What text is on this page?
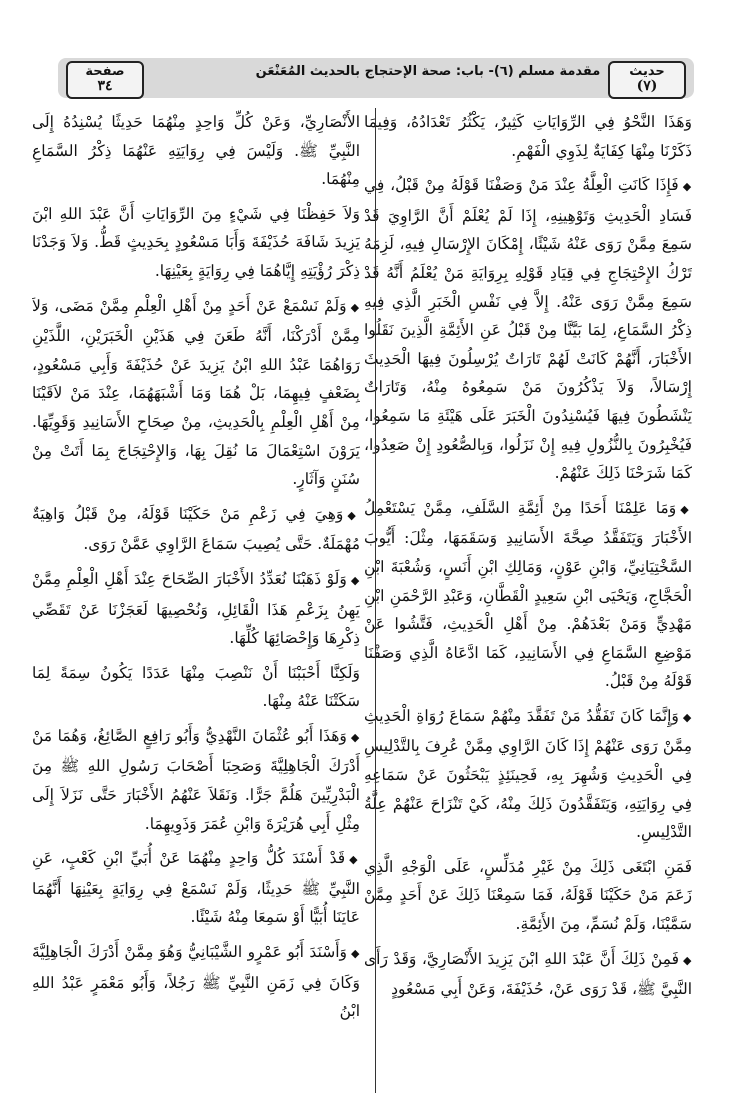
حديث
(٧)
مقدمة مسلم (٦)- باب: صحة الإحتجاج بالحديث المُعَنْعَن
صفحة
٣٤

وَهَذَا النَّحْوُ فِي الرِّوَايَاتِ كَثِيرٌ، يَكْثُرُ تَعْدَادُهُ، وَفِيمَا ذَكَرْنَا مِنْهَا كِفَايَةٌ لِذَوِي الْفَهْمِ.

◆فَإِذَا كَانَتِ الْعِلَّةُ عِنْدَ مَنْ وَصَفْنَا قَوْلَهُ مِنْ قَبْلُ، فِي فَسَادِ الْحَدِيثِ وَتَوْهِينِهِ، إِذَا لَمْ يُعْلَمْ أَنَّ الرَّاوِيَ قَدْ سَمِعَ مِمَّنْ رَوَى عَنْهُ شَيْئًا، إِمْكَانَ الإِرْسَالِ فِيهِ، لَزِمَهُ تَرْكُ الإِحْتِجَاجِ فِي قِيَادِ قَوْلِهِ بِرِوَايَةِ مَنْ يُعْلَمُ أَنَّهُ قَدْ سَمِعَ مِمَّنْ رَوَى عَنْهُ. إِلاَّ فِي نَفْسِ الْخَبَرِ الَّذِي فِيهِ ذِكْرُ السَّمَاعِ، لِمَا بَيَّنَّا مِنْ قَبْلُ عَنِ الأَئِمَّةِ الَّذِينَ نَقَلُوا الأَخْبَارَ، أَنَّهُمْ كَانَتْ لَهُمْ تَارَاتٌ يُرْسِلُونَ فِيهَا الْحَدِيثَ إِرْسَالاً، وَلاَ يَذْكُرُونَ مَنْ سَمِعُوهُ مِنْهُ، وَتَارَاتٌ يَنْشَطُونَ فِيهَا فَيُسْنِدُونَ الْخَبَرَ عَلَى هَيْئَةِ مَا سَمِعُوا، فَيُخْبِرُونَ بِالنُّزُولِ فِيهِ إِنْ نَزَلُوا، وَبِالصُّعُودِ إِنْ صَعِدُوا، كَمَا شَرَحْنَا ذَلِكَ عَنْهُمْ.

◆وَمَا عَلِمْنَا أَحَدًا مِنْ أَئِمَّةِ السَّلَفِ، مِمَّنْ يَسْتَعْمِلُ الأَخْبَارَ وَيَتَفَقَّدُ صِحَّةَ الأَسَانِيدِ وَسَقَمَهَا، مِثْلَ: أَيُّوبَ السَّخْتِيَانِيِّ، وَابْنِ عَوْنٍ، وَمَالِكِ ابْنِ أَنَسٍ، وَشُعْبَةَ ابْنِ الْحَجَّاجِ، وَيَحْيَى ابْنِ سَعِيدٍ الْقَطَّانِ، وَعَبْدِ الرَّحْمَنِ ابْنِ مَهْدِيٍّ وَمَنْ بَعْدَهُمْ. مِنْ أَهْلِ الْحَدِيثِ، فَتَّشُوا عَنْ مَوْضِعِ السَّمَاعِ فِي الأَسَانِيدِ، كَمَا ادَّعَاهُ الَّذِي وَصَفْنَا قَوْلَهُ مِنْ قَبْلُ.

◆وَإِنَّمَا كَانَ تَفَقُّدُ مَنْ تَفَقَّدَ مِنْهُمْ سَمَاعَ رُوَاةِ الْحَدِيثِ مِمَّنْ رَوَى عَنْهُمْ إِذَا كَانَ الرَّاوِي مِمَّنْ عُرِفَ بِالتَّدْلِيسِ فِي الْحَدِيثِ وَشُهِرَ بِهِ، فَحِينَئِذٍ يَبْحَثُونَ عَنْ سَمَاعِهِ فِي رِوَايَتِهِ، وَيَتَفَقَّدُونَ ذَلِكَ مِنْهُ، كَيْ تَنْزَاحَ عَنْهُمْ عِلَّةُ التَّدْلِيسِ.

فَمَنِ ابْتَغَى ذَلِكَ مِنْ غَيْرِ مُدَلِّسٍ، عَلَى الْوَجْهِ الَّذِي زَعَمَ مَنْ حَكَيْنَا قَوْلَهُ، فَمَا سَمِعْنَا ذَلِكَ عَنْ أَحَدٍ مِمَّنْ سَمَّيْنَا، وَلَمْ نُسَمِّ، مِنَ الأَئِمَّةِ.

◆فَمِنْ ذَلِكَ أَنَّ عَبْدَ اللهِ ابْنَ يَزِيدَ الأَنْصَارِيَّ، وَقَدْ رَأَى النَّبِيَّ ﷺ، قَدْ رَوَى عَنْ، حُذَيْفَةَ، وَعَنْ أَبِي مَسْعُودٍ

الأَنْصَارِيِّ، وَعَنْ كُلِّ وَاحِدٍ مِنْهُمَا حَدِيثًا يُسْنِدُهُ إِلَى النَّبِيِّ ﷺ. وَلَيْسَ فِي رِوَايَتِهِ عَنْهُمَا ذِكْرُ السَّمَاعِ مِنْهُمَا.

وَلاَ حَفِظْنَا فِي شَيْءٍ مِنَ الرِّوَايَاتِ أَنَّ عَبْدَ اللهِ ابْنَ يَزِيدَ شَافَهَ حُذَيْفَةَ وَأَبَا مَسْعُودٍ بِحَدِيثٍ قَطُّ. وَلاَ وَجَدْنَا ذِكْرَ رُؤْيَتِهِ إِيَّاهُمَا فِي رِوَايَةٍ بِعَيْنِهَا.

◆وَلَمْ نَسْمَعْ عَنْ أَحَدٍ مِنْ أَهْلِ الْعِلْمِ مِمَّنْ مَضَى، وَلاَ مِمَّنْ أَدْرَكْنَا، أَنَّهُ طَعَنَ فِي هَذَيْنِ الْخَبَرَيْنِ، اللَّذَيْنِ رَوَاهُمَا عَبْدُ اللهِ ابْنُ يَزِيدَ عَنْ حُذَيْفَةَ وَأَبِي مَسْعُودٍ، بِضَعْفٍ فِيهِمَا، بَلْ هُمَا وَمَا أَشْبَهَهُمَا، عِنْدَ مَنْ لاَقَيْنَا مِنْ أَهْلِ الْعِلْمِ بِالْحَدِيثِ، مِنْ صِحَاحِ الأَسَانِيدِ وَقَوِيِّهَا. يَرَوْنَ اسْتِعْمَالَ مَا نُقِلَ بِهَا، وَالإِحْتِجَاجَ بِمَا أَتَتْ مِنْ سُنَنٍ وَآثَارٍ.

◆وَهِيَ فِي زَعْمِ مَنْ حَكَيْنَا قَوْلَهُ، مِنْ قَبْلُ وَاهِيَةٌ مُهْمَلَةٌ. حَتَّى يُصِيبَ سَمَاعَ الرَّاوِي عَمَّنْ رَوَى.

◆وَلَوْ ذَهَبْنَا نُعَدِّدُ الأَخْبَارَ الصِّحَاحَ عِنْدَ أَهْلِ الْعِلْمِ مِمَّنْ يَهِنُ بِزَعْمِ هَذَا الْقَائِلِ، وَنُحْصِيهَا لَعَجَزْنَا عَنْ تَقَصِّي ذِكْرِهَا وَإِحْصَائِهَا كُلِّهَا.

وَلَكِنَّا أَحْبَبْنَا أَنْ نَنْصِبَ مِنْهَا عَدَدًا يَكُونُ سِمَةً لِمَا سَكَتْنَا عَنْهُ مِنْهَا.

◆وَهَذَا أَبُو عُثْمَانَ النَّهْدِيُّ وَأَبُو رَافِعٍ الصَّائِغُ، وَهُمَا مَنْ أَدْرَكَ الْجَاهِلِيَّةَ وَصَحِبَا أَصْحَابَ رَسُولِ اللهِ ﷺ مِنَ الْبَدْرِيِّينَ هَلُمَّ جَرًّا. وَنَقَلاَ عَنْهُمُ الأَخْبَارَ حَتَّى نَزَلاَ إِلَى مِثْلِ أَبِي هُرَيْرَةَ وَابْنِ عُمَرَ وَذَوِيهِمَا.

◆قَدْ أَسْنَدَ كُلُّ وَاحِدٍ مِنْهُمَا عَنْ أُبَيِّ ابْنِ كَعْبٍ، عَنِ النَّبِيِّ ﷺ حَدِيثًا، وَلَمْ نَسْمَعْ فِي رِوَايَةٍ بِعَيْنِهَا أَنَّهُمَا عَايَنَا أُبَيًّا أَوْ سَمِعَا مِنْهُ شَيْئًا.

◆وَأَسْنَدَ أَبُو عَمْرٍو الشَّيْبَانِيُّ وَهُوَ مِمَّنْ أَدْرَكَ الْجَاهِلِيَّةَ وَكَانَ فِي زَمَنِ النَّبِيِّ ﷺ رَجُلاً، وَأَبُو مَعْمَرٍ عَبْدُ اللهِ ابْنُ
